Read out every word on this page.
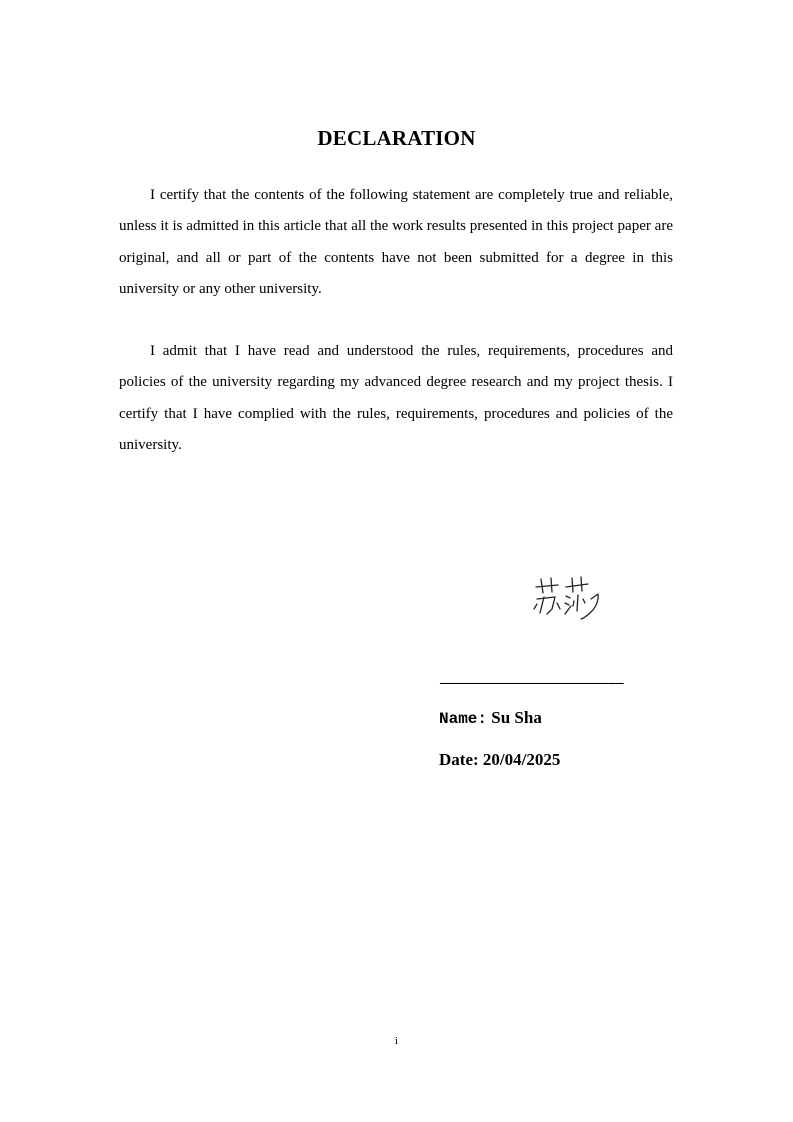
DECLARATION

I certify that the contents of the following statement are completely true and reliable, unless it is admitted in this article that all the work results presented in this project paper are original, and all or part of the contents have not been submitted for a degree in this university or any other university.

I admit that I have read and understood the rules, requirements, procedures and policies of the university regarding my advanced degree research and my project thesis. I certify that I have complied with the rules, requirements, procedures and policies of the university.

________________________
Name: Su Sha
Date: 20/04/2025
i
